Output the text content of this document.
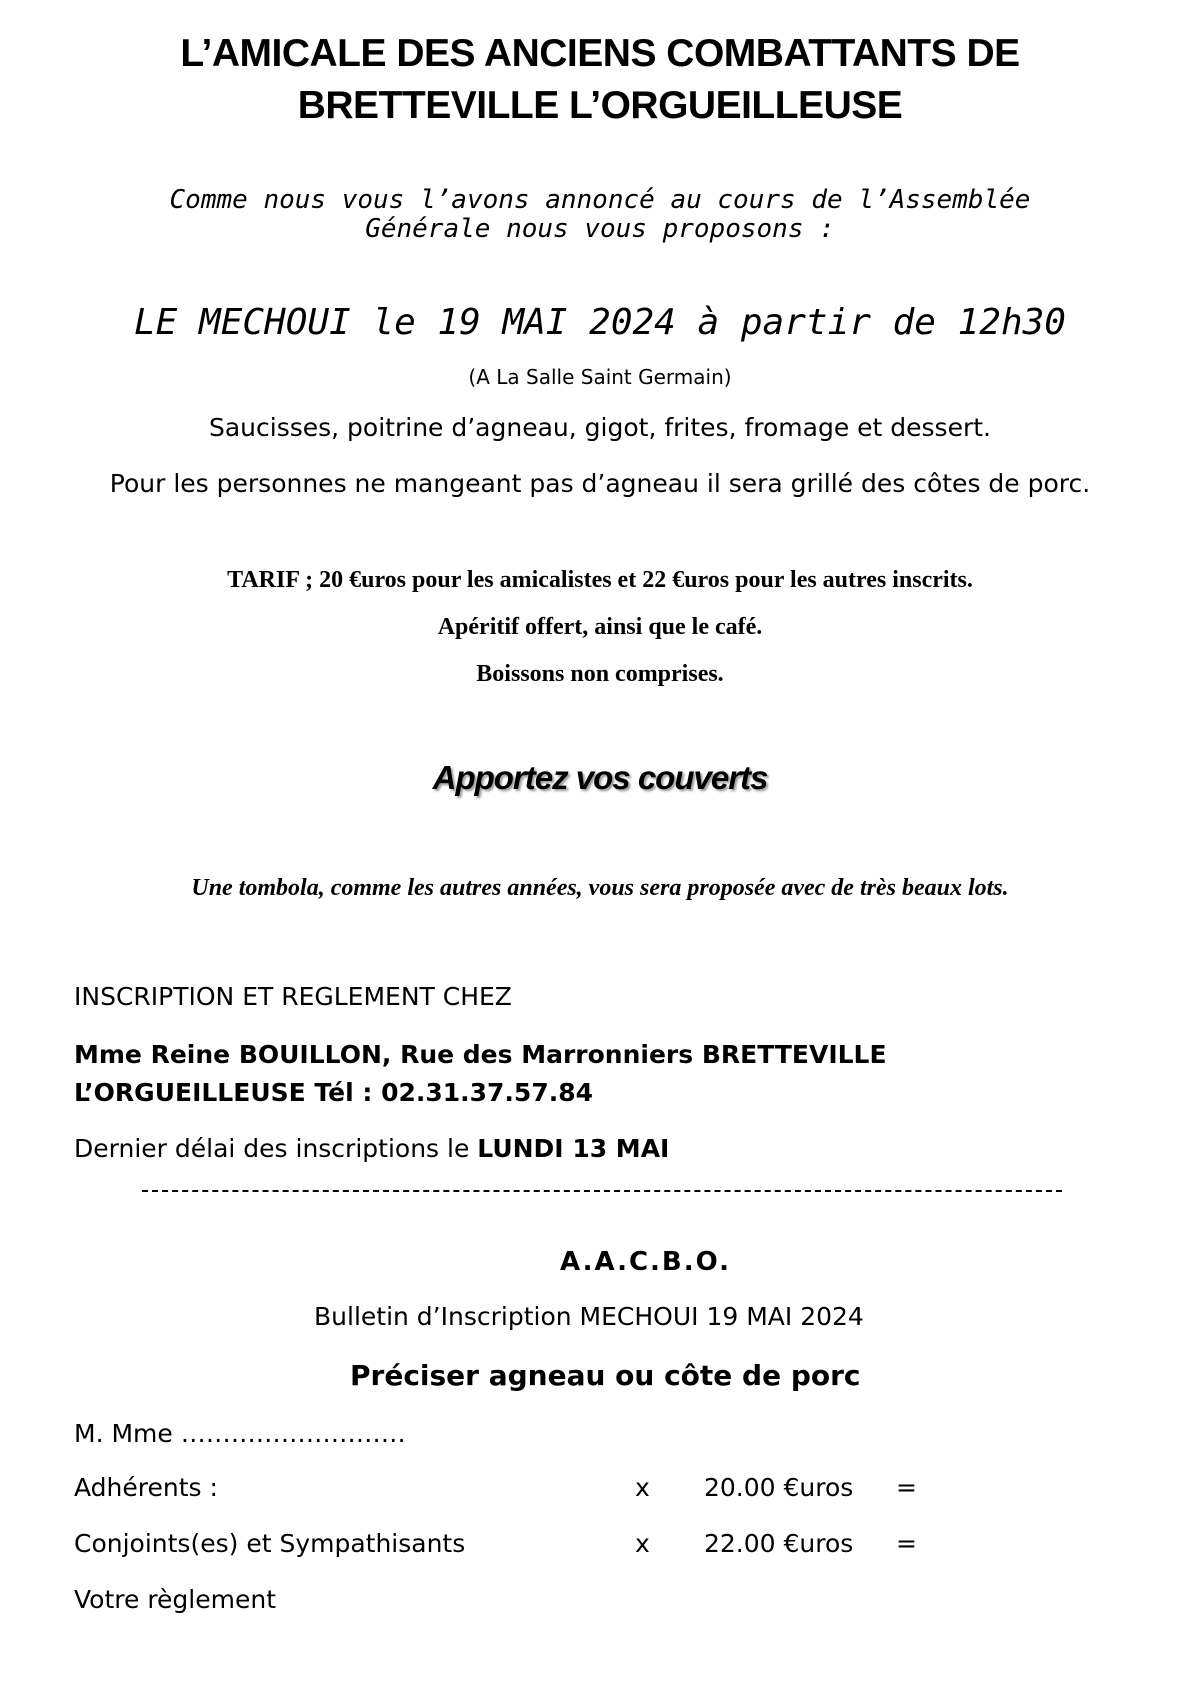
L’AMICALE DES ANCIENS COMBATTANTS DE
BRETTEVILLE L’ORGUEILLEUSE
Comme nous vous l’avons annoncé au cours de l’Assemblée
Générale nous vous proposons :
LE MECHOUI le 19 MAI 2024 à partir de 12h30
(A La Salle Saint Germain)
Saucisses, poitrine d’agneau, gigot, frites, fromage et dessert.
Pour les personnes ne mangeant pas d’agneau il sera grillé des côtes de porc.
TARIF ; 20 €uros pour les amicalistes et 22 €uros pour les autres inscrits.
Apéritif offert, ainsi que le café.
Boissons non comprises.
Apportez vos couverts
Une tombola, comme les autres années, vous sera proposée avec de très beaux lots.
INSCRIPTION ET REGLEMENT CHEZ
Mme Reine BOUILLON, Rue des Marronniers BRETTEVILLE L’ORGUEILLEUSE Tél : 02.31.37.57.84
Dernier délai des inscriptions le LUNDI 13 MAI
A.A.C.B.O.
Bulletin d’Inscription MECHOUI 19 MAI 2024
Préciser agneau ou côte de porc
M. Mme ………………………
Adhérents :	x 20.00 €uros =
Conjoints(es) et Sympathisants	x 22.00 €uros =
Votre règlement
